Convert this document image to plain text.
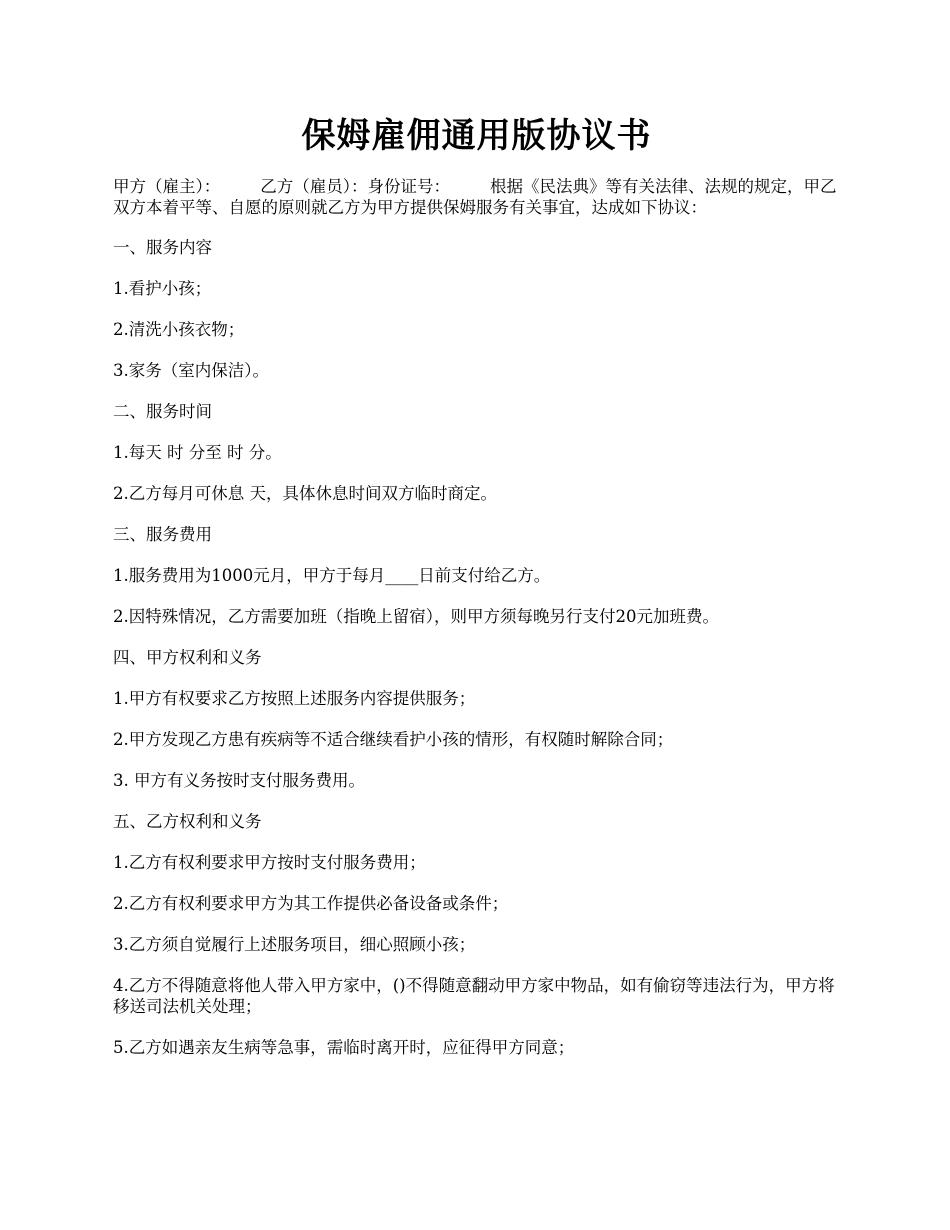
保姆雇佣通用版协议书

甲方（雇主）： 乙方（雇员）：身份证号： 根据《民法典》等有关法律、法规的规定，甲乙双方本着平等、自愿的原则就乙方为甲方提供保姆服务有关事宜，达成如下协议：

一、服务内容

1.看护小孩；

2.清洗小孩衣物；

3.家务（室内保洁）。

二、服务时间

1.每天 时 分至 时 分。

2.乙方每月可休息 天，具体休息时间双方临时商定。

三、服务费用

1.服务费用为1000元月，甲方于每月____日前支付给乙方。

2.因特殊情况，乙方需要加班（指晚上留宿），则甲方须每晚另行支付20元加班费。

四、甲方权利和义务

1.甲方有权要求乙方按照上述服务内容提供服务；

2.甲方发现乙方患有疾病等不适合继续看护小孩的情形，有权随时解除合同；

3. 甲方有义务按时支付服务费用。

五、乙方权利和义务

1.乙方有权利要求甲方按时支付服务费用；

2.乙方有权利要求甲方为其工作提供必备设备或条件；

3.乙方须自觉履行上述服务项目，细心照顾小孩；

4.乙方不得随意将他人带入甲方家中，()不得随意翻动甲方家中物品，如有偷窃等违法行为，甲方将移送司法机关处理；

5.乙方如遇亲友生病等急事，需临时离开时，应征得甲方同意；
